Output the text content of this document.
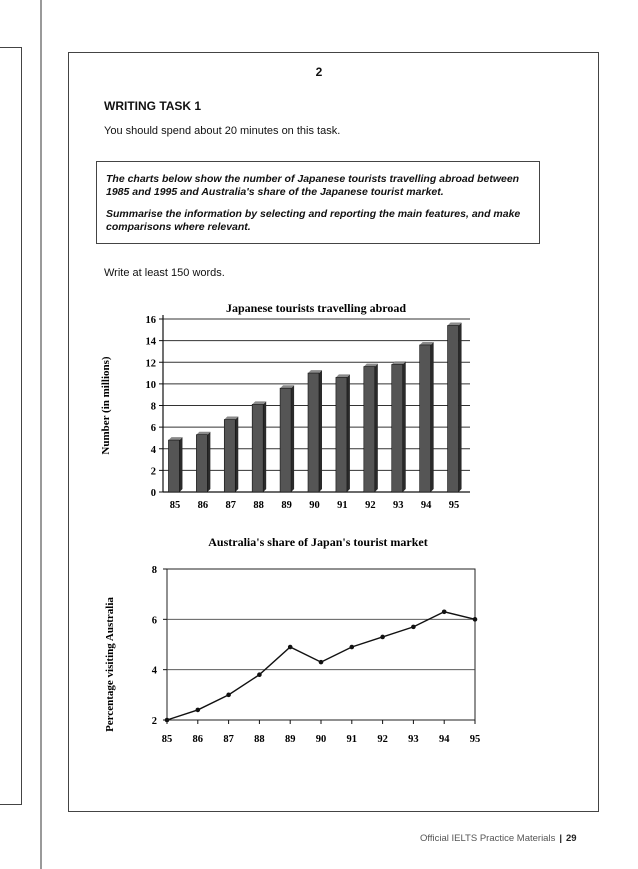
2
WRITING TASK 1
You should spend about 20 minutes on this task.

The charts below show the number of Japanese tourists travelling abroad between 1985 and 1995 and Australia's share of the Japanese tourist market.

Summarise the information by selecting and reporting the main features, and make comparisons where relevant.

Write at least 150 words.
Japanese tourists travelling abroad
Number (in millions)
0
2
4
6
8
10
12
14
16
85 86 87 88 89 90 91 92 93 94 95
Australia's share of Japan's tourist market
Percentage visiting Australia	2
4
6
8
85 86 87 88 89 90 91 92 93 94 95
Official IELTS Practice Materials | 29
